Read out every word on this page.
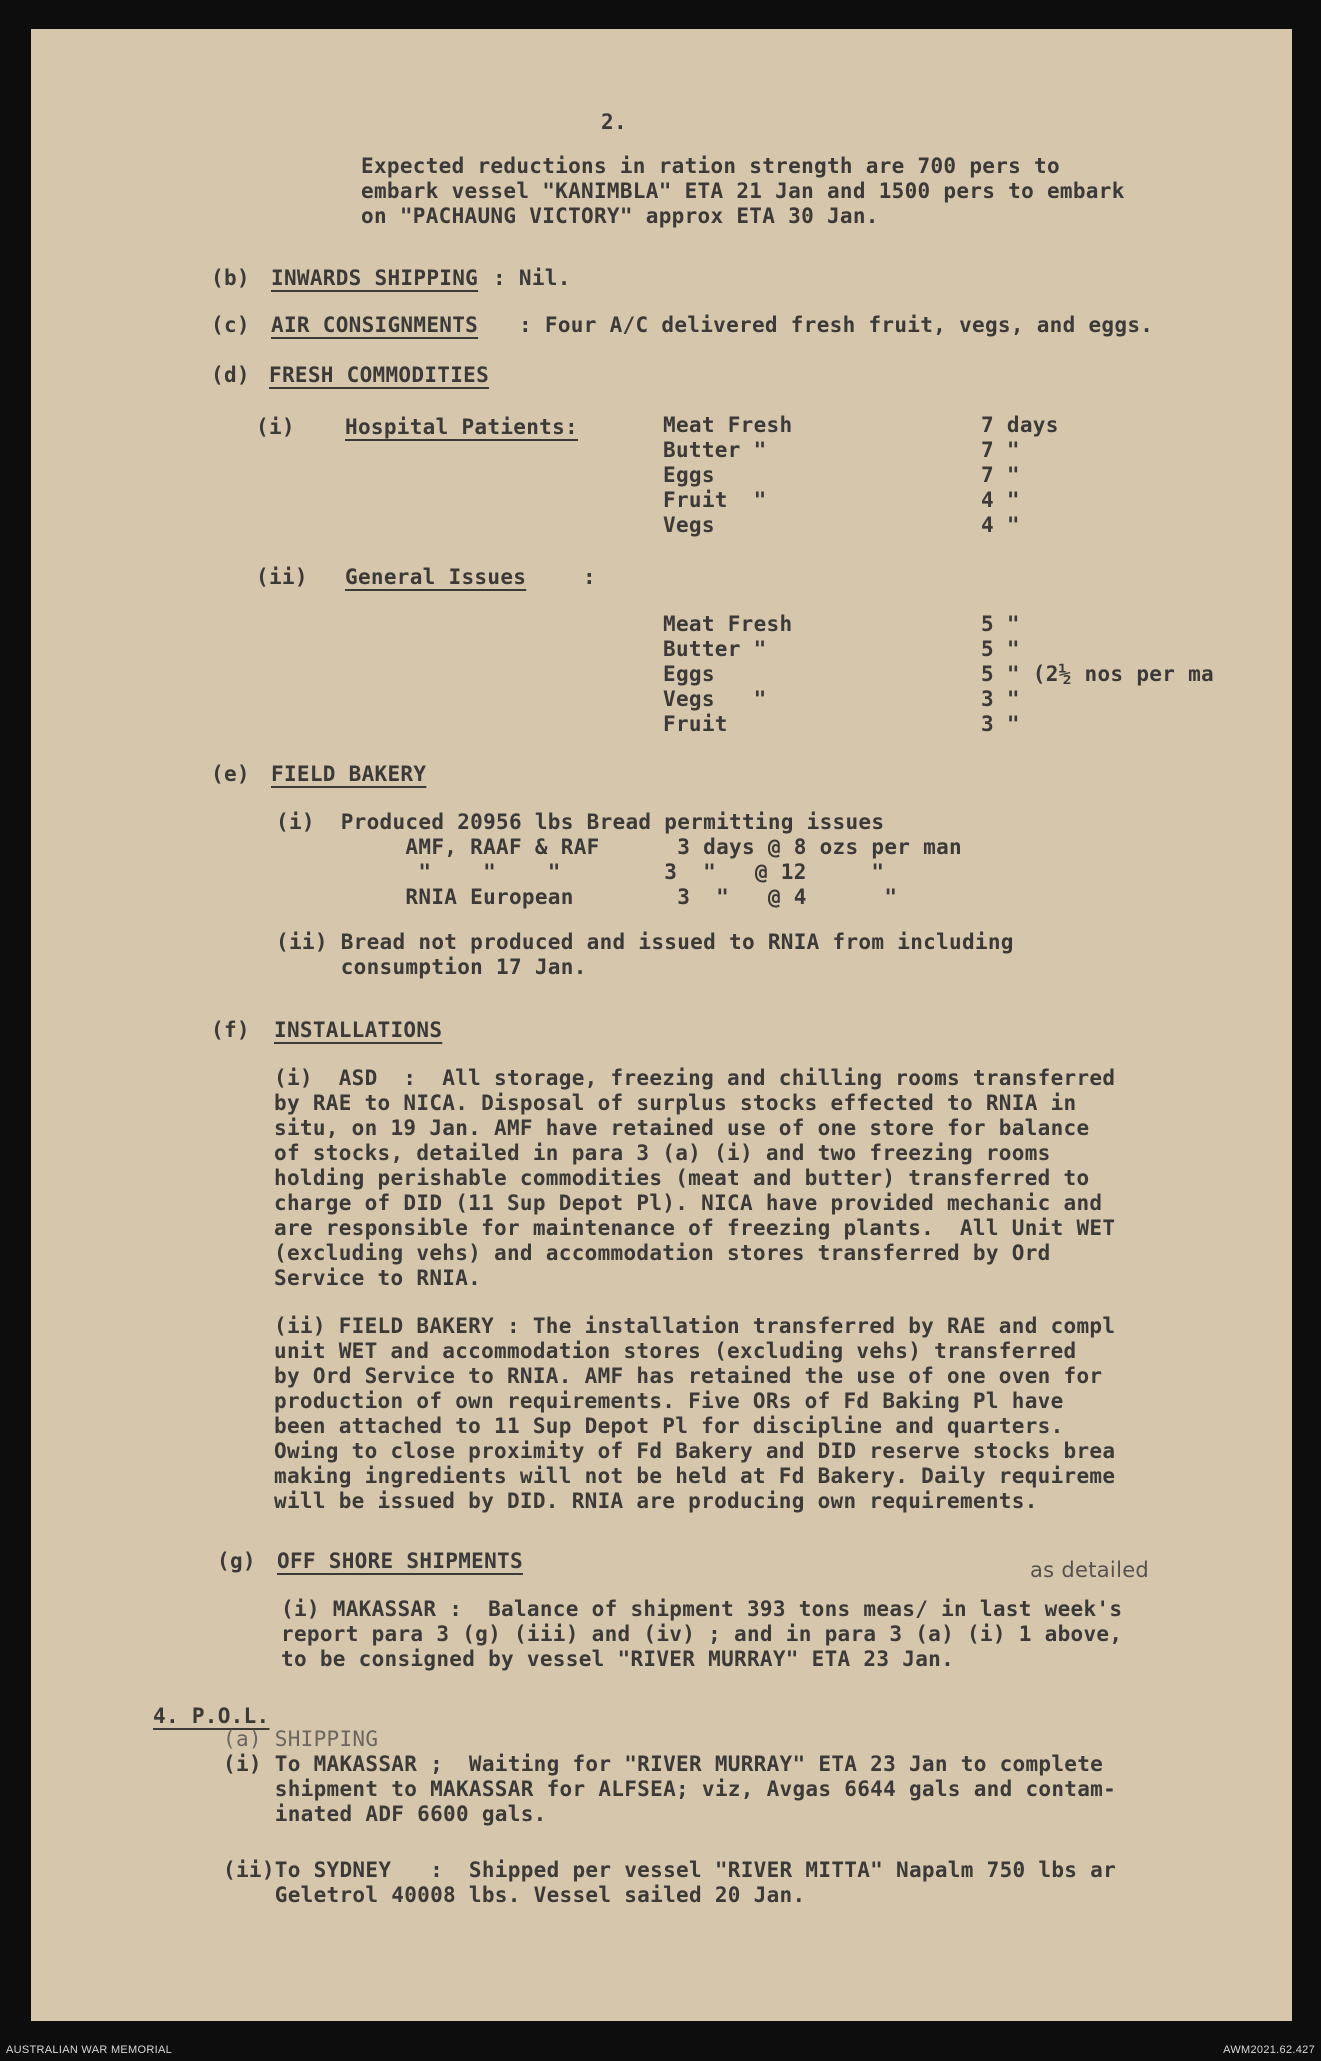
2.
Expected reductions in ration strength are 700 pers to
embark vessel "KANIMBLA" ETA 21 Jan and 1500 pers to embark
on "PACHAUNG VICTORY" approx ETA 30 Jan.
(b) INWARDS SHIPPING : Nil.
(c) AIR CONSIGNMENTS : Four A/C delivered fresh fruit, vegs, and eggs.
(d) FRESH COMMODITIES
(i) Hospital Patients:	Meat Fresh	7 days
Butter "	7 "
Eggs	7 "
Fruit  "	4 "
Vegs	4 "
(ii) General Issues	:
Meat Fresh	5 "
Butter "	5 "
Eggs	5 " (2½ nos per ma
Vegs   "	3 "
Fruit	3 "
(e) FIELD BAKERY
(i)  Produced 20956 lbs Bread permitting issues
AMF, RAAF & RAF      3 days @ 8 ozs per man
"    "    "        3  "   @ 12     "
RNIA European        3  "   @ 4      "
(ii) Bread not produced and issued to RNIA from including
consumption 17 Jan.
(f) INSTALLATIONS
(i)  ASD  :  All storage, freezing and chilling rooms transferred
by RAE to NICA. Disposal of surplus stocks effected to RNIA in
situ, on 19 Jan. AMF have retained use of one store for balance
of stocks, detailed in para 3 (a) (i) and two freezing rooms
holding perishable commodities (meat and butter) transferred to
charge of DID (11 Sup Depot Pl). NICA have provided mechanic and
are responsible for maintenance of freezing plants.  All Unit WET
(excluding vehs) and accommodation stores transferred by Ord
Service to RNIA.
(ii) FIELD BAKERY : The installation transferred by RAE and compl
unit WET and accommodation stores (excluding vehs) transferred
by Ord Service to RNIA. AMF has retained the use of one oven for
production of own requirements. Five ORs of Fd Baking Pl have
been attached to 11 Sup Depot Pl for discipline and quarters.
Owing to close proximity of Fd Bakery and DID reserve stocks brea
making ingredients will not be held at Fd Bakery. Daily requireme
will be issued by DID. RNIA are producing own requirements.
(g) OFF SHORE SHIPMENTS	as detailed
(i) MAKASSAR :  Balance of shipment 393 tons meas/ in last week's
report para 3 (g) (iii) and (iv) ; and in para 3 (a) (i) 1 above,
to be consigned by vessel "RIVER MURRAY" ETA 23 Jan.
4. P.O.L.
(a) SHIPPING
(i) To MAKASSAR ;  Waiting for "RIVER MURRAY" ETA 23 Jan to complete
shipment to MAKASSAR for ALFSEA; viz, Avgas 6644 gals and contam-
inated ADF 6600 gals.
(ii)To SYDNEY   :  Shipped per vessel "RIVER MITTA" Napalm 750 lbs ar
Geletrol 40008 lbs. Vessel sailed 20 Jan.
AUSTRALIAN WAR MEMORIAL	AWM2021.62.427
